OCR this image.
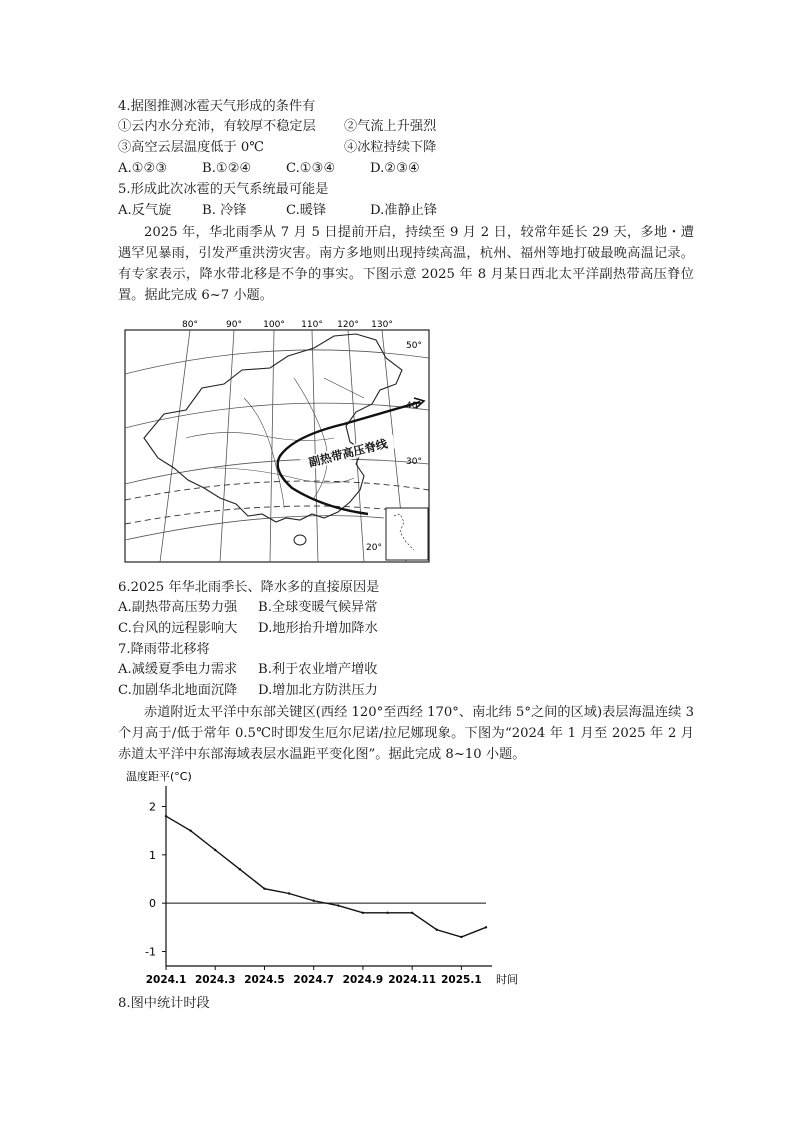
4.据图推测冰雹天气形成的条件有
①云内水分充沛，有较厚不稳定层 ②气流上升强烈
③高空云层温度低于 0℃	④冰粒持续下降
A.①②③	B.①②④	C.①③④	D.②③④
5.形成此次冰雹的天气系统最可能是
A.反气旋 B. 冷锋	C.暖锋	D.准静止锋
2025 年，华北雨季从 7 月 5 日提前开启，持续至 9 月 2 日，较常年延长 29 天，多地・遭遇罕见暴雨，引发严重洪涝灾害。南方多地则出现持续高温，杭州、福州等地打破最晚高温记录。有专家表示，降水带北移是不争的事实。下图示意 2025 年 8 月某日西北太平洋副热带高压脊位置。据此完成 6~7 小题。
副热带高压脊线
80°	90° 100° 110° 120° 130°
50°
40°
30°
20°
6.2025 年华北雨季长、降水多的直接原因是
A.副热带高压势力强 B.全球变暖气候异常
C.台风的远程影响大 D.地形抬升增加降水
7.降雨带北移将
A.减缓夏季电力需求 B.利于农业增产增收
C.加剧华北地面沉降 D.增加北方防洪压力
赤道附近太平洋中东部关键区(西经 120°至西经 170°、南北纬 5°之间的区域)表层海温连续 3 个月高于/低于常年 0.5℃时即发生厄尔尼诺/拉尼娜现象。下图为“2024 年 1 月至 2025 年 2 月赤道太平洋中东部海域表层水温距平变化图”。据此完成 8~10 小题。
温度距平(°C)
-1
0
1
2
2024.1 2024.3 2024.5 2024.7 2024.9 2024.11 2025.1 时间
8.图中统计时段
